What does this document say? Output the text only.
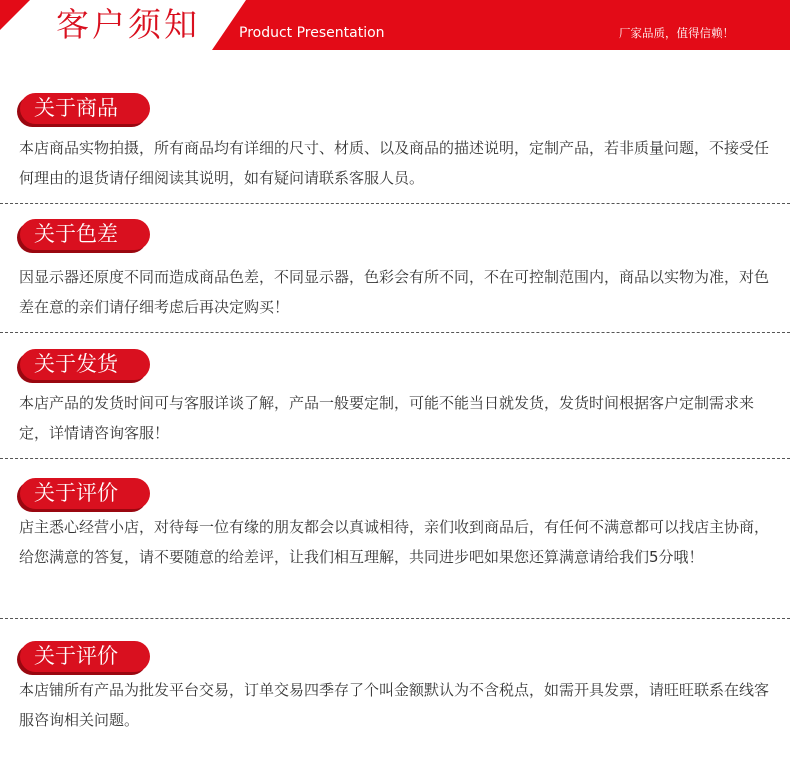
客户须知	Product Presentation	厂家品质，值得信赖！
关于商品

本店商品实物拍摄，所有商品均有详细的尺寸、材质、以及商品的描述说明，定制产品，若非质量问题，不接受任何理由的退货请仔细阅读其说明，如有疑问请联系客服人员。

关于色差

因显示器还原度不同而造成商品色差，不同显示器，色彩会有所不同，不在可控制范围内，商品以实物为准，对色差在意的亲们请仔细考虑后再决定购买！

关于发货

本店产品的发货时间可与客服详谈了解，产品一般要定制，可能不能当日就发货，发货时间根据客户定制需求来定，详情请咨询客服！

关于评价

店主悉心经营小店，对待每一位有缘的朋友都会以真诚相待，亲们收到商品后，有任何不满意都可以找店主协商，给您满意的答复，请不要随意的给差评，让我们相互理解，共同进步吧如果您还算满意请给我们5分哦！

关于评价

本店铺所有产品为批发平台交易，订单交易四季存了个叫金额默认为不含税点，如需开具发票，请旺旺联系在线客服咨询相关问题。
